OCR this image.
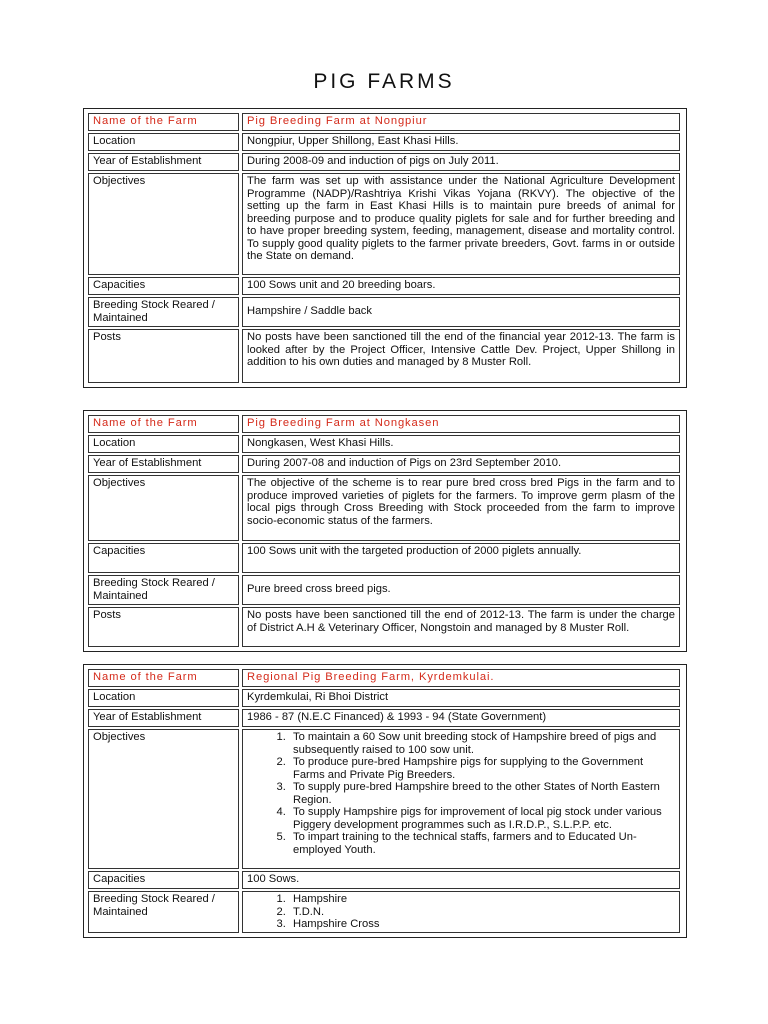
PIG FARMS
Name of the Farm	Pig Breeding Farm at Nongpiur
Location	Nongpiur, Upper Shillong, East Khasi Hills.
Year of Establishment	During 2008-09 and induction of pigs on July 2011.
Objectives	The farm was set up with assistance under the National Agriculture Development Programme (NADP)/Rashtriya Krishi Vikas Yojana (RKVY). The objective of the setting up the farm in East Khasi Hills is to maintain pure breeds of animal for breeding purpose and to produce quality piglets for sale and for further breeding and to have proper breeding system, feeding, management, disease and mortality control. To supply good quality piglets to the farmer private breeders, Govt. farms in or outside the State on demand.
Capacities	100 Sows unit and 20 breeding boars.
Breeding Stock Reared / Maintained
Hampshire / Saddle back
Posts	No posts have been sanctioned till the end of the financial year 2012-13. The farm is looked after by the Project Officer, Intensive Cattle Dev. Project, Upper Shillong in addition to his own duties and managed by 8 Muster Roll.
Name of the Farm	Pig Breeding Farm at Nongkasen
Location	Nongkasen, West Khasi Hills.
Year of Establishment	During 2007-08 and induction of Pigs on 23rd September 2010.
Objectives	The objective of the scheme is to rear pure bred cross bred Pigs in the farm and to produce improved varieties of piglets for the farmers. To improve germ plasm of the local pigs through Cross Breeding with Stock proceeded from the farm to improve socio-economic status of the farmers.
Capacities	100 Sows unit with the targeted production of 2000 piglets annually.
Breeding Stock Reared / Maintained
Pure breed cross breed pigs.
Posts	No posts have been sanctioned till the end of 2012-13. The farm is under the charge of District A.H & Veterinary Officer, Nongstoin and managed by 8 Muster Roll.
Name of the Farm	Regional Pig Breeding Farm, Kyrdemkulai.
Location	Kyrdemkulai, Ri Bhoi District
Year of Establishment	1986 - 87 (N.E.C Financed) & 1993 - 94 (State Government)
Objectives
1.	To maintain a 60 Sow unit breeding stock of Hampshire breed of pigs and subsequently raised to 100 sow unit.
2. To produce pure-bred Hampshire pigs for supplying to the Government Farms and Private Pig Breeders.
3. To supply pure-bred Hampshire breed to the other States of North Eastern Region.
4. To supply Hampshire pigs for improvement of local pig stock under various Piggery development programmes such as I.R.D.P., S.L.P.P. etc.
5. To impart training to the technical staffs, farmers and to Educated Un-employed Youth.
Capacities	100 Sows.
Breeding Stock Reared / Maintained
1. Hampshire
2. T.D.N.
3. Hampshire Cross
